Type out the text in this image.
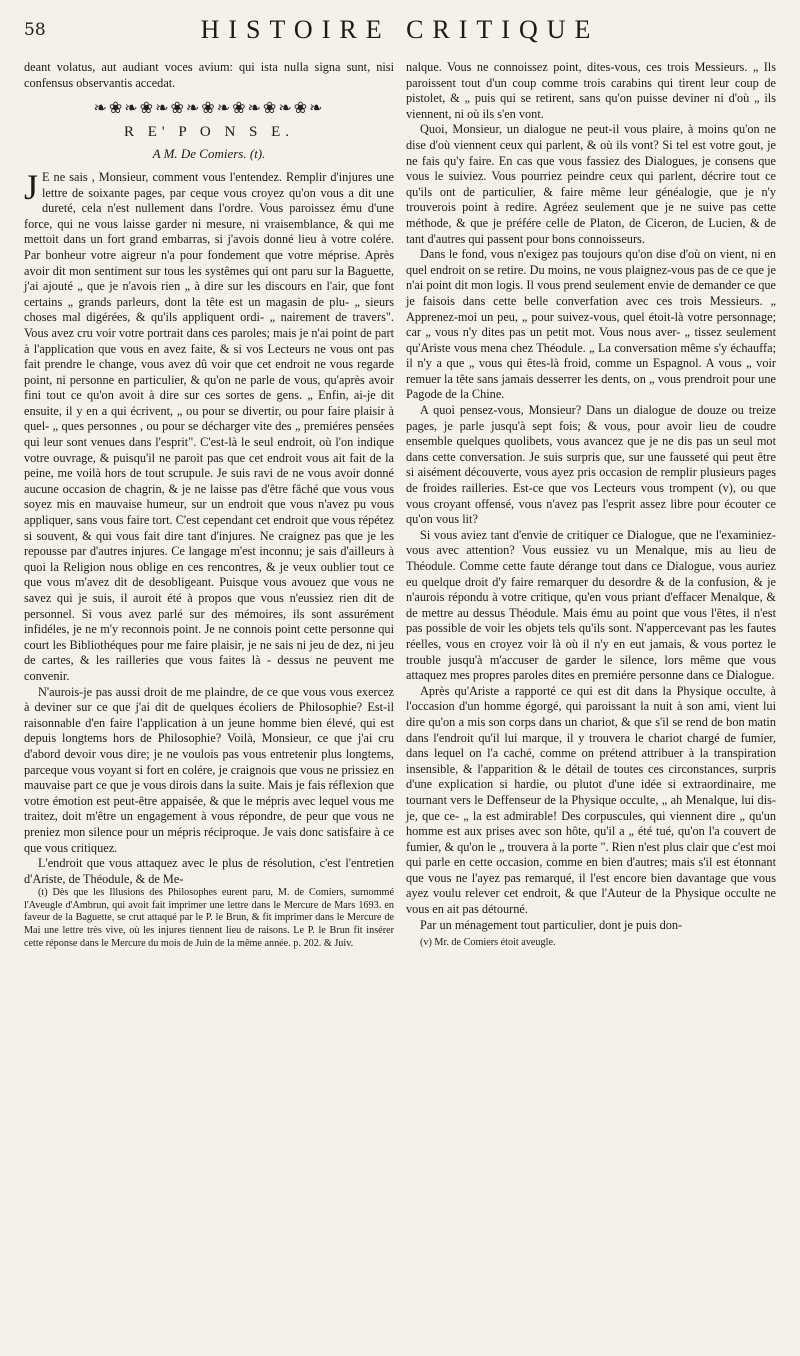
58	HISTOIRE CRITIQUE

deant volatus, aut audiant voces avium: qui ista nulla signa sunt, nisi confensus observantis accedat.

❧❀❧❀❧❀❧❀❧❀❧❀❧❀❧
R E' P O N S E.
A M. De Comiers. (t).

J E ne sais , Monsieur, comment vous l'entendez. Remplir d'injures une lettre de soixante pages, par ceque vous croyez qu'on vous a dit une dureté, cela n'est nullement dans l'ordre. Vous paroissez ému d'une force, qui ne vous laisse garder ni mesure, ni vraisemblance, & qui me mettoit dans un fort grand embarras, si j'avois donné lieu à votre colére. Par bonheur votre aigreur n'a pour fondement que votre méprise. Après avoir dit mon sentiment sur tous les systêmes qui ont paru sur la Baguette, j'ai ajouté „ que je n'avois rien „ à dire sur les discours en l'air, que font certains „ grands parleurs, dont la tête est un magasin de plu- „ sieurs choses mal digérées, & qu'ils appliquent ordi- „ nairement de travers". Vous avez cru voir votre portrait dans ces paroles; mais je n'ai point de part à l'application que vous en avez faite, & si vos Lecteurs ne vous ont pas fait prendre le change, vous avez dû voir que cet endroit ne vous regarde point, ni personne en particulier, & qu'on ne parle de vous, qu'après avoir fini tout ce qu'on avoit à dire sur ces sortes de gens. „ Enfin, ai-je dit ensuite, il y en a qui écrivent, „ ou pour se divertir, ou pour faire plaisir à quel- „ ques personnes , ou pour se décharger vite des „ premiéres pensées qui leur sont venues dans l'esprit". C'est-là le seul endroit, où l'on indique votre ouvrage, & puisqu'il ne paroit pas que cet endroit vous ait fait de la peine, me voilà hors de tout scrupule. Je suis ravi de ne vous avoir donné aucune occasion de chagrin, & je ne laisse pas d'être fâché que vous vous soyez mis en mauvaise humeur, sur un endroit que vous n'avez pu vous appliquer, sans vous faire tort. C'est cependant cet endroit que vous répétez si souvent, & qui vous fait dire tant d'injures. Ne craignez pas que je les repousse par d'autres injures. Ce langage m'est inconnu; je sais d'ailleurs à quoi la Religion nous oblige en ces rencontres, & je veux oublier tout ce que vous m'avez dit de desobligeant. Puisque vous avouez que vous ne savez qui je suis, il auroit été à propos que vous n'eussiez rien dit de personnel. Si vous avez parlé sur des mémoires, ils sont assurément infidéles, je ne m'y reconnois point. Je ne connois point cette personne qui court les Bibliothéques pour me faire plaisir, je ne sais ni jeu de dez, ni jeu de cartes, & les railleries que vous faites là - dessus ne peuvent me convenir.

N'aurois-je pas aussi droit de me plaindre, de ce que vous vous exercez à deviner sur ce que j'ai dit de quelques écoliers de Philosophie? Est-il raisonnable d'en faire l'application à un jeune homme bien élevé, qui est depuis longtems hors de Philosophie? Voilà, Monsieur, ce que j'ai cru d'abord devoir vous dire; je ne voulois pas vous entretenir plus longtems, parceque vous voyant si fort en colére, je craignois que vous ne prissiez en mauvaise part ce que je vous dirois dans la suite. Mais je fais réflexion que votre émotion est peut-être appaisée, & que le mépris avec lequel vous me traitez, doit m'être un engagement à vous répondre, de peur que vous ne preniez mon silence pour un mépris réciproque. Je vais donc satisfaire à ce que vous critiquez.

L'endroit que vous attaquez avec le plus de résolution, c'est l'entretien d'Ariste, de Théodule, & de Me-

(t) Dès que les Illusions des Philosophes eurent paru, M. de Comiers, surnommé l'Aveugle d'Ambrun, qui avoit fait imprimer une lettre dans le Mercure de Mars 1693. en faveur de la Baguette, se crut attaqué par le P. le Brun, & fit imprimer dans le Mercure de Mai une lettre très vive, où les injures tiennent lieu de raisons. Le P. le Brun fit insérer cette réponse dans le Mercure du mois de Juin de la même année. p. 202. & Juiv.

nalque. Vous ne connoissez point, dites-vous, ces trois Messieurs. „ Ils paroissent tout d'un coup comme trois carabins qui tirent leur coup de pistolet, & „ puis qui se retirent, sans qu'on puisse deviner ni d'où „ ils viennent, ni où ils s'en vont.

Quoi, Monsieur, un dialogue ne peut-il vous plaire, à moins qu'on ne dise d'où viennent ceux qui parlent, & où ils vont? Si tel est votre gout, je ne fais qu'y faire. En cas que vous fassiez des Dialogues, je consens que vous le suiviez. Vous pourriez peindre ceux qui parlent, décrire tout ce qu'ils ont de particulier, & faire même leur généalogie, que je n'y trouverois point à redire. Agréez seulement que je ne suive pas cette méthode, & que je préfére celle de Platon, de Ciceron, de Lucien, & de tant d'autres qui passent pour bons connoisseurs.

Dans le fond, vous n'exigez pas toujours qu'on dise d'où on vient, ni en quel endroit on se retire. Du moins, ne vous plaignez-vous pas de ce que je n'ai point dit mon logis. Il vous prend seulement envie de demander ce que je faisois dans cette belle converfation avec ces trois Messieurs. „ Apprenez-moi un peu, „ pour suivez-vous, quel étoit-là votre personnage; car „ vous n'y dites pas un petit mot. Vous nous aver- „ tissez seulement qu'Ariste vous mena chez Théodule. „ La conversation même s'y échauffa; il n'y a que „ vous qui êtes-là froid, comme un Espagnol. A vous „ voir remuer la tête sans jamais desserrer les dents, on „ vous prendroit pour une Pagode de la Chine.

A quoi pensez-vous, Monsieur? Dans un dialogue de douze ou treize pages, je parle jusqu'à sept fois; & vous, pour avoir lieu de coudre ensemble quelques quolibets, vous avancez que je ne dis pas un seul mot dans cette conversation. Je suis surpris que, sur une fausseté qui peut être si aisément découverte, vous ayez pris occasion de remplir plusieurs pages de froides railleries. Est-ce que vos Lecteurs vous trompent (v), ou que vous croyant offensé, vous n'avez pas l'esprit assez libre pour écouter ce qu'on vous lit?

Si vous aviez tant d'envie de critiquer ce Dialogue, que ne l'examiniez-vous avec attention? Vous eussiez vu un Menalque, mis au lieu de Théodule. Comme cette faute dérange tout dans ce Dialogue, vous auriez eu quelque droit d'y faire remarquer du desordre & de la confusion, & je n'aurois répondu à votre critique, qu'en vous priant d'effacer Menalque, & de mettre au dessus Théodule. Mais ému au point que vous l'êtes, il n'est pas possible de voir les objets tels qu'ils sont. N'appercevant pas les fautes réelles, vous en croyez voir là où il n'y en eut jamais, & vous portez le trouble jusqu'à m'accuser de garder le silence, lors même que vous attaquez mes propres paroles dites en premiére personne dans ce Dialogue.

Après qu'Ariste a rapporté ce qui est dit dans la Physique occulte, à l'occasion d'un homme égorgé, qui paroissant la nuit à son ami, vient lui dire qu'on a mis son corps dans un chariot, & que s'il se rend de bon matin dans l'endroit qu'il lui marque, il y trouvera le chariot chargé de fumier, dans lequel on l'a caché, comme on prétend attribuer à la transpiration insensible, & l'apparition & le détail de toutes ces circonstances, surpris d'une explication si hardie, ou plutot d'une idée si extraordinaire, me tournant vers le Deffenseur de la Physique occulte, „ ah Menalque, lui dis-je, que ce- „ la est admirable! Des corpuscules, qui viennent dire „ qu'un homme est aux prises avec son hôte, qu'il a „ été tué, qu'on l'a couvert de fumier, & qu'on le „ trouvera à la porte ". Rien n'est plus clair que c'est moi qui parle en cette occasion, comme en bien d'autres; mais s'il est étonnant que vous ne l'ayez pas remarqué, il l'est encore bien davantage que vous ayez voulu relever cet endroit, & que l'Auteur de la Physique occulte ne vous en ait pas détourné.

Par un ménagement tout particulier, dont je puis don-

(v) Mr. de Comiers étoit aveugle.
